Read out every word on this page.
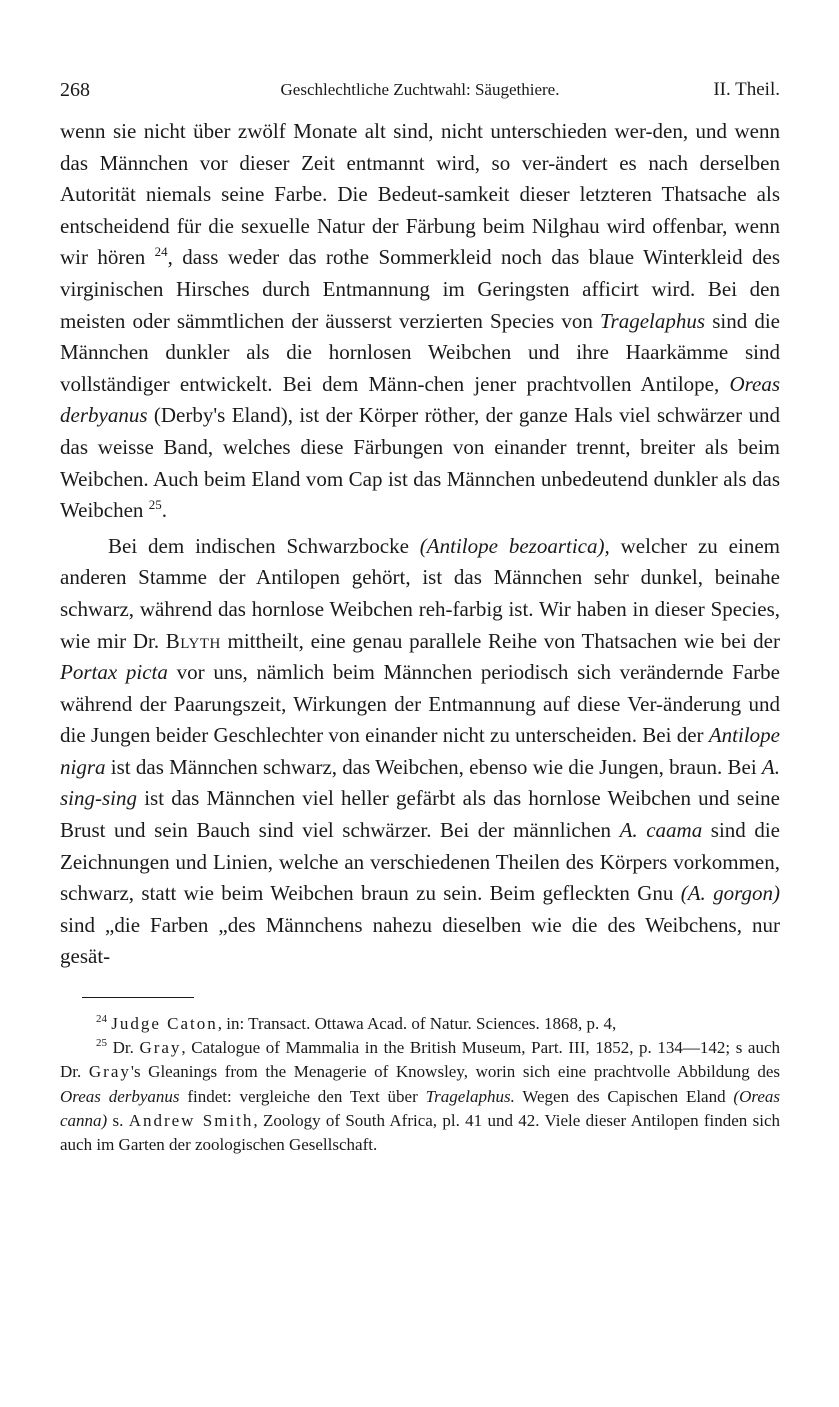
268	Geschlechtliche Zuchtwahl: Säugethiere.	II. Theil.

wenn sie nicht über zwölf Monate alt sind, nicht unterschieden wer-den, und wenn das Männchen vor dieser Zeit entmannt wird, so ver-ändert es nach derselben Autorität niemals seine Farbe. Die Bedeut-samkeit dieser letzteren Thatsache als entscheidend für die sexuelle Natur der Färbung beim Nilghau wird offenbar, wenn wir hören $^{24}$, dass weder das rothe Sommerkleid noch das blaue Winterkleid des virginischen Hirsches durch Entmannung im Geringsten afficirt wird. Bei den meisten oder sämmtlichen der äusserst verzierten Species von Tragelaphus sind die Männchen dunkler als die hornlosen Weibchen und ihre Haarkämme sind vollständiger entwickelt. Bei dem Männ-chen jener prachtvollen Antilope, Oreas derbyanus (Derby's Eland), ist der Körper röther, der ganze Hals viel schwärzer und das weisse Band, welches diese Färbungen von einander trennt, breiter als beim Weibchen. Auch beim Eland vom Cap ist das Männchen unbedeutend dunkler als das Weibchen $^{25}$.

Bei dem indischen Schwarzbocke (Antilope bezoartica), welcher zu einem anderen Stamme der Antilopen gehört, ist das Männchen sehr dunkel, beinahe schwarz, während das hornlose Weibchen reh-farbig ist. Wir haben in dieser Species, wie mir Dr. Blyth mittheilt, eine genau parallele Reihe von Thatsachen wie bei der Portax picta vor uns, nämlich beim Männchen periodisch sich verändernde Farbe während der Paarungszeit, Wirkungen der Entmannung auf diese Ver-änderung und die Jungen beider Geschlechter von einander nicht zu unterscheiden. Bei der Antilope nigra ist das Männchen schwarz, das Weibchen, ebenso wie die Jungen, braun. Bei A. sing-sing ist das Männchen viel heller gefärbt als das hornlose Weibchen und seine Brust und sein Bauch sind viel schwärzer. Bei der männlichen A. caama sind die Zeichnungen und Linien, welche an verschiedenen Theilen des Körpers vorkommen, schwarz, statt wie beim Weibchen braun zu sein. Beim gefleckten Gnu (A. gorgon) sind „die Farben „des Männchens nahezu dieselben wie die des Weibchens, nur gesät-

$^{24}$ Judge Caton, in: Transact. Ottawa Acad. of Natur. Sciences. 1868, p. 4,

$^{25}$ Dr. Gray, Catalogue of Mammalia in the British Museum, Part. III, 1852, p. 134—142; s auch Dr. Gray's Gleanings from the Menagerie of Knowsley, worin sich eine prachtvolle Abbildung des Oreas derbyanus findet: vergleiche den Text über Tragelaphus. Wegen des Capischen Eland (Oreas canna) s. Andrew Smith, Zoology of South Africa, pl. 41 und 42. Viele dieser Antilopen finden sich auch im Garten der zoologischen Gesellschaft.
